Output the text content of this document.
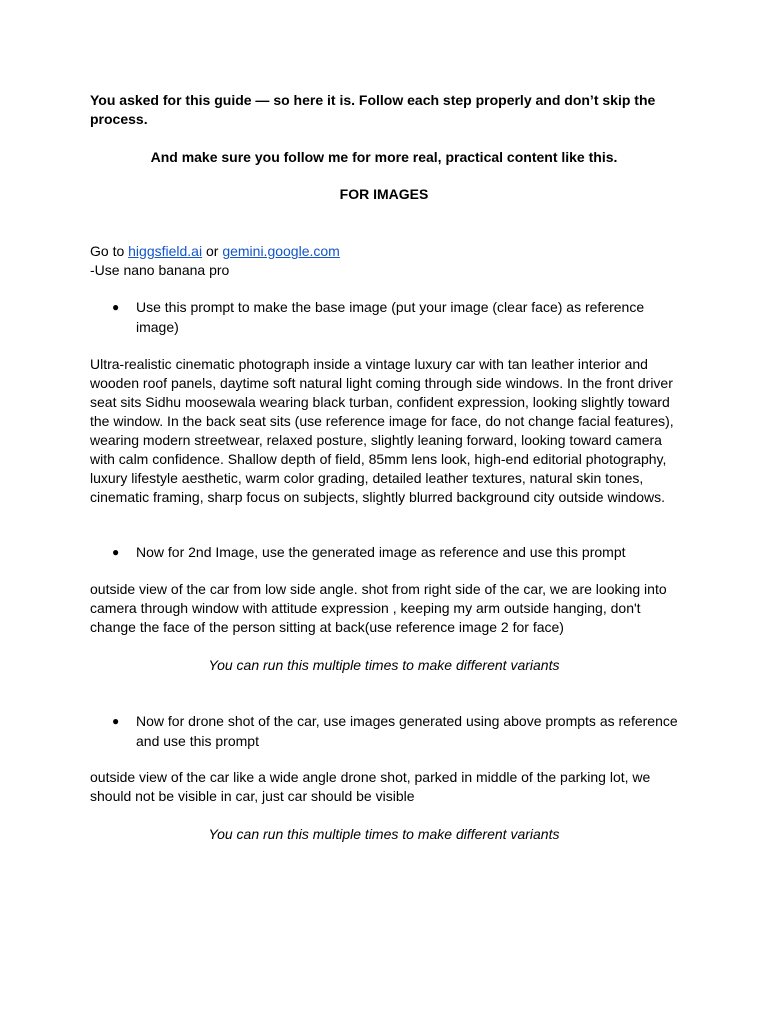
You asked for this guide — so here it is. Follow each step properly and don’t skip the process.

And make sure you follow me for more real, practical content like this.

FOR IMAGES

Go to higgsfield.ai or gemini.google.com

-Use nano banana pro

● Use this prompt to make the base image (put your image (clear face) as reference image)

Ultra-realistic cinematic photograph inside a vintage luxury car with tan leather interior and wooden roof panels, daytime soft natural light coming through side windows. In the front driver seat sits Sidhu moosewala wearing black turban, confident expression, looking slightly toward the window. In the back seat sits (use reference image for face, do not change facial features), wearing modern streetwear, relaxed posture, slightly leaning forward, looking toward camera with calm confidence. Shallow depth of field, 85mm lens look, high-end editorial photography, luxury lifestyle aesthetic, warm color grading, detailed leather textures, natural skin tones, cinematic framing, sharp focus on subjects, slightly blurred background city outside windows.

● Now for 2nd Image, use the generated image as reference and use this prompt

outside view of the car from low side angle. shot from right side of the car, we are looking into camera through window with attitude expression , keeping my arm outside hanging, don't change the face of the person sitting at back(use reference image 2 for face)

You can run this multiple times to make different variants

● Now for drone shot of the car, use images generated using above prompts as reference and use this prompt

outside view of the car like a wide angle drone shot, parked in middle of the parking lot, we should not be visible in car, just car should be visible

You can run this multiple times to make different variants
